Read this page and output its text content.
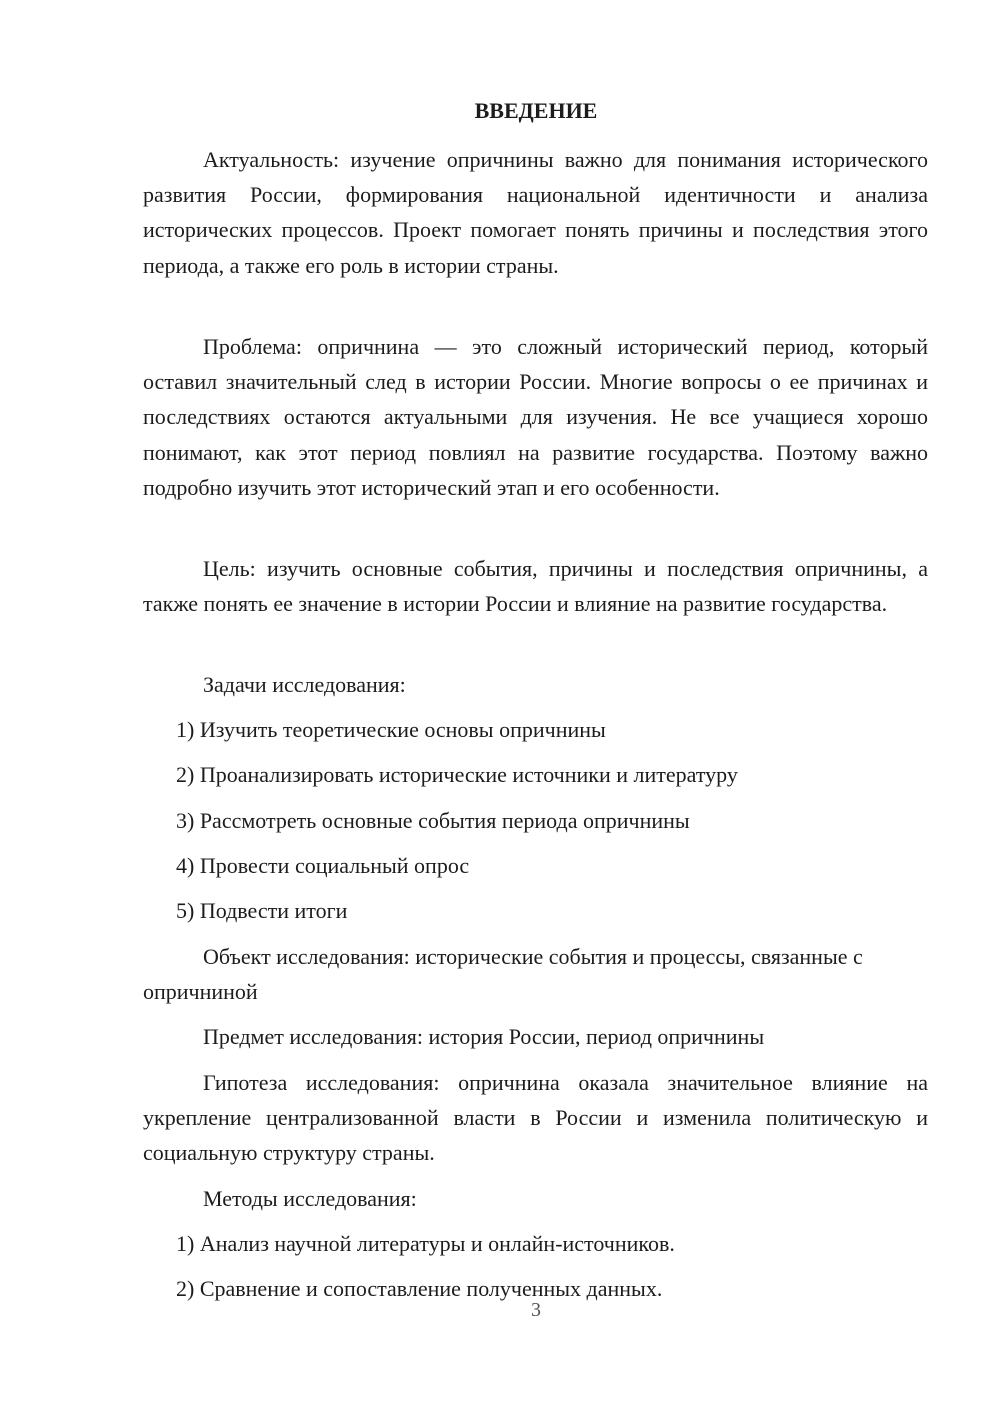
ВВЕДЕНИЕ

Актуальность: изучение опричнины важно для понимания исторического развития России, формирования национальной идентичности и анализа исторических процессов. Проект помогает понять причины и последствия этого периода, а также его роль в истории страны.

Проблема: опричнина — это сложный исторический период, который оставил значительный след в истории России. Многие вопросы о ее причинах и последствиях остаются актуальными для изучения. Не все учащиеся хорошо понимают, как этот период повлиял на развитие государства. Поэтому важно подробно изучить этот исторический этап и его особенности.

Цель: изучить основные события, причины и последствия опричнины, а также понять ее значение в истории России и влияние на развитие государства.

Задачи исследования:

1) Изучить теоретические основы опричнины

2) Проанализировать исторические источники и литературу

3) Рассмотреть основные события периода опричнины

4) Провести социальный опрос

5) Подвести итоги

Объект исследования: исторические события и процессы, связанные с опричниной

Предмет исследования: история России, период опричнины

Гипотеза исследования: опричнина оказала значительное влияние на укрепление централизованной власти в России и изменила политическую и социальную структуру страны.

Методы исследования:

1) Анализ научной литературы и онлайн-источников.

2) Сравнение и сопоставление полученных данных.

3
